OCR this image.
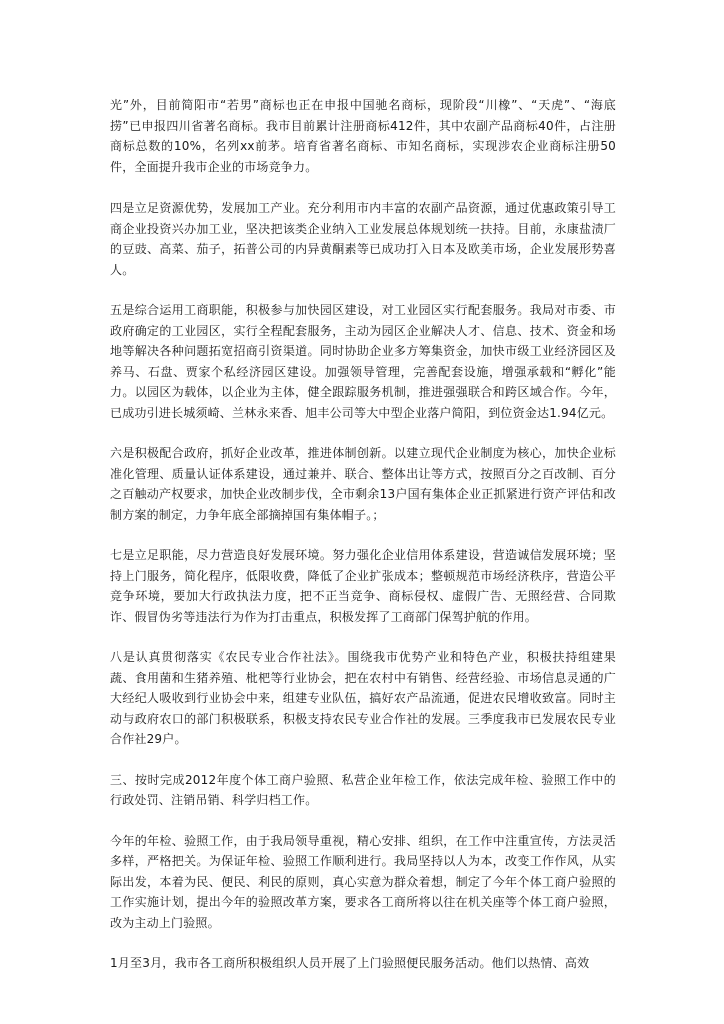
光”外，目前简阳市“若男”商标也正在申报中国驰名商标，现阶段“川橡”、“天虎”、“海底捞”已申报四川省著名商标。我市目前累计注册商标412件，其中农副产品商标40件，占注册商标总数的10%，名列xx前茅。培育省著名商标、市知名商标，实现涉农企业商标注册50件，全面提升我市企业的市场竞争力。

四是立足资源优势，发展加工产业。充分利用市内丰富的农副产品资源，通过优惠政策引导工商企业投资兴办加工业，坚决把该类企业纳入工业发展总体规划统一扶持。目前，永康盐渍厂的豆豉、高菜、茄子，拓普公司的内异黄酮素等已成功打入日本及欧美市场，企业发展形势喜人。

五是综合运用工商职能，积极参与加快园区建设，对工业园区实行配套服务。我局对市委、市政府确定的工业园区，实行全程配套服务，主动为园区企业解决人才、信息、技术、资金和场地等解决各种问题拓宽招商引资渠道。同时协助企业多方筹集资金，加快市级工业经济园区及养马、石盘、贾家个私经济园区建设。加强领导管理，完善配套设施，增强承载和“孵化”能力。以园区为载体，以企业为主体，健全跟踪服务机制，推进强强联合和跨区域合作。今年，已成功引进长城须崎、兰林永来香、旭丰公司等大中型企业落户简阳，到位资金达1.94亿元。

六是积极配合政府，抓好企业改革，推进体制创新。以建立现代企业制度为核心，加快企业标准化管理、质量认证体系建设，通过兼并、联合、整体出让等方式，按照百分之百改制、百分之百触动产权要求，加快企业改制步伐，全市剩余13户国有集体企业正抓紧进行资产评估和改制方案的制定，力争年底全部摘掉国有集体帽子。；

七是立足职能，尽力营造良好发展环境。努力强化企业信用体系建设，营造诚信发展环境；坚持上门服务，简化程序，低限收费，降低了企业扩张成本；整顿规范市场经济秩序，营造公平竞争环境，要加大行政执法力度，把不正当竞争、商标侵权、虚假广告、无照经营、合同欺诈、假冒伪劣等违法行为作为打击重点，积极发挥了工商部门保驾护航的作用。

八是认真贯彻落实《农民专业合作社法》。围绕我市优势产业和特色产业，积极扶持组建果蔬、食用菌和生猪养殖、枇杷等行业协会，把在农村中有销售、经营经验、市场信息灵通的广大经纪人吸收到行业协会中来，组建专业队伍，搞好农产品流通，促进农民增收致富。同时主动与政府农口的部门积极联系，积极支持农民专业合作社的发展。三季度我市已发展农民专业合作社29户。

三、按时完成2012年度个体工商户验照、私营企业年检工作，依法完成年检、验照工作中的行政处罚、注销吊销、科学归档工作。

今年的年检、验照工作，由于我局领导重视，精心安排、组织，在工作中注重宣传，方法灵活多样，严格把关。为保证年检、验照工作顺利进行。我局坚持以人为本，改变工作作风，从实际出发，本着为民、便民、利民的原则，真心实意为群众着想，制定了今年个体工商户验照的工作实施计划，提出今年的验照改革方案，要求各工商所将以往在机关座等个体工商户验照，改为主动上门验照。

1月至3月，我市各工商所积极组织人员开展了上门验照便民服务活动。他们以热情、高效
